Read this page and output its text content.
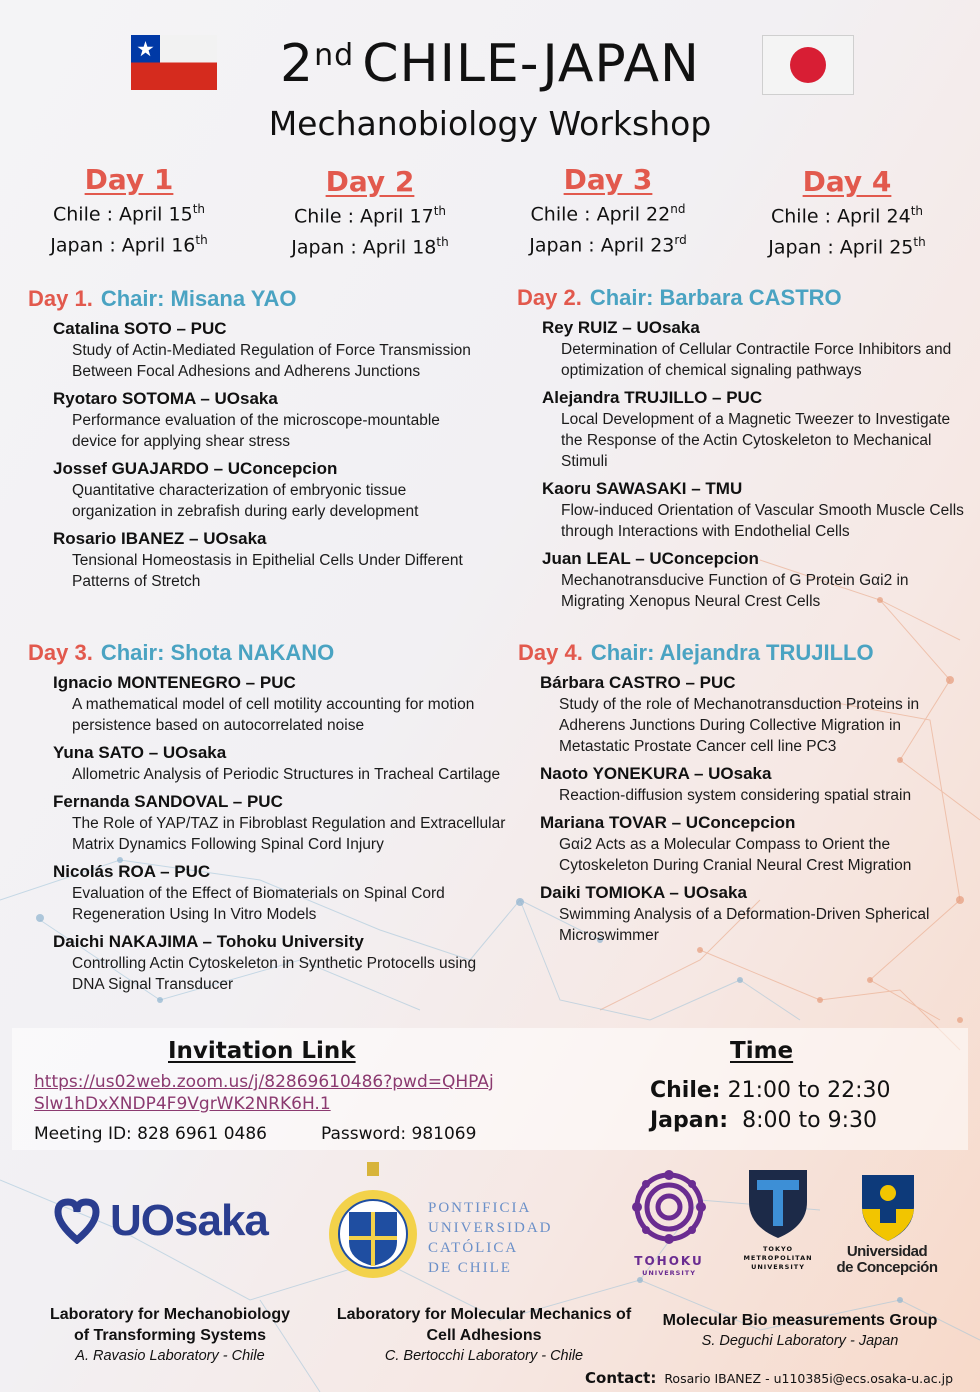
2nd CHILE-JAPAN
Mechanobiology Workshop
Day 1
Chile : April 15th
Japan : April 16th
Day 2
Chile : April 17th
Japan : April 18th
Day 3
Chile : April 22nd
Japan : April 23rd
Day 4
Chile : April 24th
Japan : April 25th
Day 1. Chair: Misana YAO
Catalina SOTO – PUC
Study of Actin-Mediated Regulation of Force Transmission Between Focal Adhesions and Adherens Junctions
Ryotaro SOTOMA – UOsaka
Performance evaluation of the microscope-mountable device for applying shear stress
Jossef GUAJARDO – UConcepcion
Quantitative characterization of embryonic tissue organization in zebrafish during early development
Rosario IBANEZ – UOsaka
Tensional Homeostasis in Epithelial Cells Under Different Patterns of Stretch
Day 2. Chair: Barbara CASTRO
Rey RUIZ – UOsaka
Determination of Cellular Contractile Force Inhibitors and optimization of chemical signaling pathways
Alejandra TRUJILLO – PUC
Local Development of a Magnetic Tweezer to Investigate the Response of the Actin Cytoskeleton to Mechanical Stimuli
Kaoru SAWASAKI – TMU
Flow-induced Orientation of Vascular Smooth Muscle Cells through Interactions with Endothelial Cells
Juan LEAL – UConcepcion
Mechanotransducive Function of G Protein Gαi2 in Migrating Xenopus Neural Crest Cells
Day 3. Chair: Shota NAKANO
Ignacio MONTENEGRO – PUC
A mathematical model of cell motility accounting for motion persistence based on autocorrelated noise
Yuna SATO – UOsaka
Allometric Analysis of Periodic Structures in Tracheal Cartilage
Fernanda SANDOVAL – PUC
The Role of YAP/TAZ in Fibroblast Regulation and Extracellular Matrix Dynamics Following Spinal Cord Injury
Nicolás ROA – PUC
Evaluation of the Effect of Biomaterials on Spinal Cord Regeneration Using In Vitro Models
Daichi NAKAJIMA – Tohoku University
Controlling Actin Cytoskeleton in Synthetic Protocells using DNA Signal Transducer
Day 4. Chair: Alejandra TRUJILLO
Bárbara CASTRO – PUC
Study of the role of Mechanotransduction Proteins in Adherens Junctions During Collective Migration in Metastatic Prostate Cancer cell line PC3
Naoto YONEKURA – UOsaka
Reaction-diffusion system considering spatial strain
Mariana TOVAR – UConcepcion
Gαi2 Acts as a Molecular Compass to Orient the Cytoskeleton During Cranial Neural Crest Migration
Daiki TOMIOKA – UOsaka
Swimming Analysis of a Deformation-Driven Spherical Microswimmer
Invitation Link
https://us02web.zoom.us/j/82869610486?pwd=QHPAjSlw1hDxXNDP4F9VgrWK2NRK6H.1
Meeting ID: 828 6961 0486	Password: 981069
Time
Chile: 21:00 to 22:30
Japan: 8:00 to 9:30
UOsaka	PONTIFICIA
UNIVERSIDAD
CATÓLICA
DE CHILE	TOHOKU
UNIVERSITY
TOKYO
METROPOLITAN
UNIVERSITY
Universidad
de Concepción
Laboratory for Mechanobiology
of Transforming Systems
A. Ravasio Laboratory - Chile
Laboratory for Molecular Mechanics of
Cell Adhesions
C. Bertocchi Laboratory - Chile
Molecular Bio measurements Group
S. Deguchi Laboratory - Japan
Contact: Rosario IBANEZ - u110385i@ecs.osaka-u.ac.jp
